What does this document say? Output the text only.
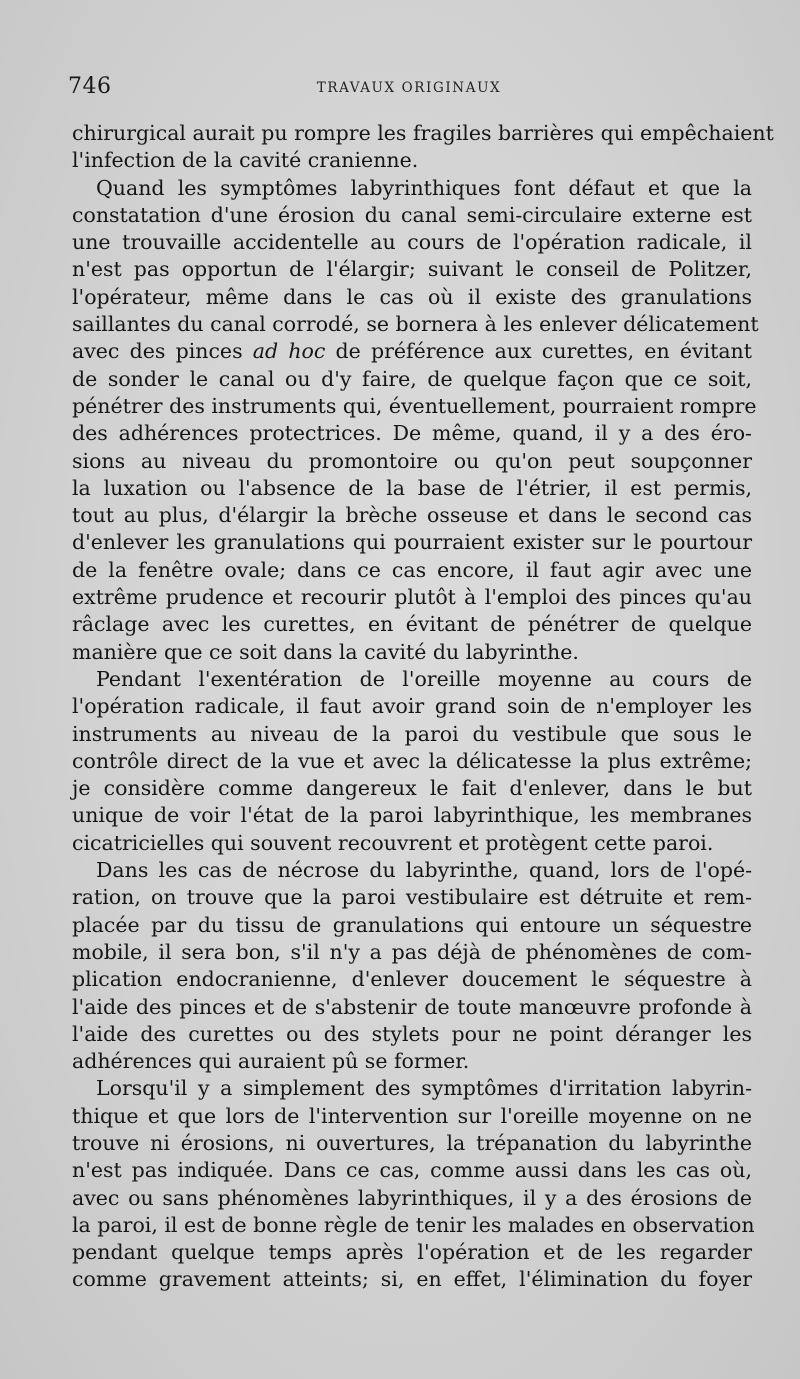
746	TRAVAUX ORIGINAUX
chirurgical aurait pu rompre les fragiles barrières qui empêchaient
l'infection de la cavité cranienne.
Quand les symptômes labyrinthiques font défaut et que la
constatation d'une érosion du canal semi-circulaire externe est
une trouvaille accidentelle au cours de l'opération radicale, il
n'est pas opportun de l'élargir; suivant le conseil de Politzer,
l'opérateur, même dans le cas où il existe des granulations
saillantes du canal corrodé, se bornera à les enlever délicatement
avec des pinces ad hoc de préférence aux curettes, en évitant
de sonder le canal ou d'y faire, de quelque façon que ce soit,
pénétrer des instruments qui, éventuellement, pourraient rompre
des adhérences protectrices. De même, quand, il y a des éro-
sions au niveau du promontoire ou qu'on peut soupçonner
la luxation ou l'absence de la base de l'étrier, il est permis,
tout au plus, d'élargir la brèche osseuse et dans le second cas
d'enlever les granulations qui pourraient exister sur le pourtour
de la fenêtre ovale; dans ce cas encore, il faut agir avec une
extrême prudence et recourir plutôt à l'emploi des pinces qu'au
râclage avec les curettes, en évitant de pénétrer de quelque
manière que ce soit dans la cavité du labyrinthe.
Pendant l'exentération de l'oreille moyenne au cours de
l'opération radicale, il faut avoir grand soin de n'employer les
instruments au niveau de la paroi du vestibule que sous le
contrôle direct de la vue et avec la délicatesse la plus extrême;
je considère comme dangereux le fait d'enlever, dans le but
unique de voir l'état de la paroi labyrinthique, les membranes
cicatricielles qui souvent recouvrent et protègent cette paroi.
Dans les cas de nécrose du labyrinthe, quand, lors de l'opé-
ration, on trouve que la paroi vestibulaire est détruite et rem-
placée par du tissu de granulations qui entoure un séquestre
mobile, il sera bon, s'il n'y a pas déjà de phénomènes de com-
plication endocranienne, d'enlever doucement le séquestre à
l'aide des pinces et de s'abstenir de toute manœuvre profonde à
l'aide des curettes ou des stylets pour ne point déranger les
adhérences qui auraient pû se former.
Lorsqu'il y a simplement des symptômes d'irritation labyrin-
thique et que lors de l'intervention sur l'oreille moyenne on ne
trouve ni érosions, ni ouvertures, la trépanation du labyrinthe
n'est pas indiquée. Dans ce cas, comme aussi dans les cas où,
avec ou sans phénomènes labyrinthiques, il y a des érosions de
la paroi, il est de bonne règle de tenir les malades en observation
pendant quelque temps après l'opération et de les regarder
comme gravement atteints; si, en effet, l'élimination du foyer
